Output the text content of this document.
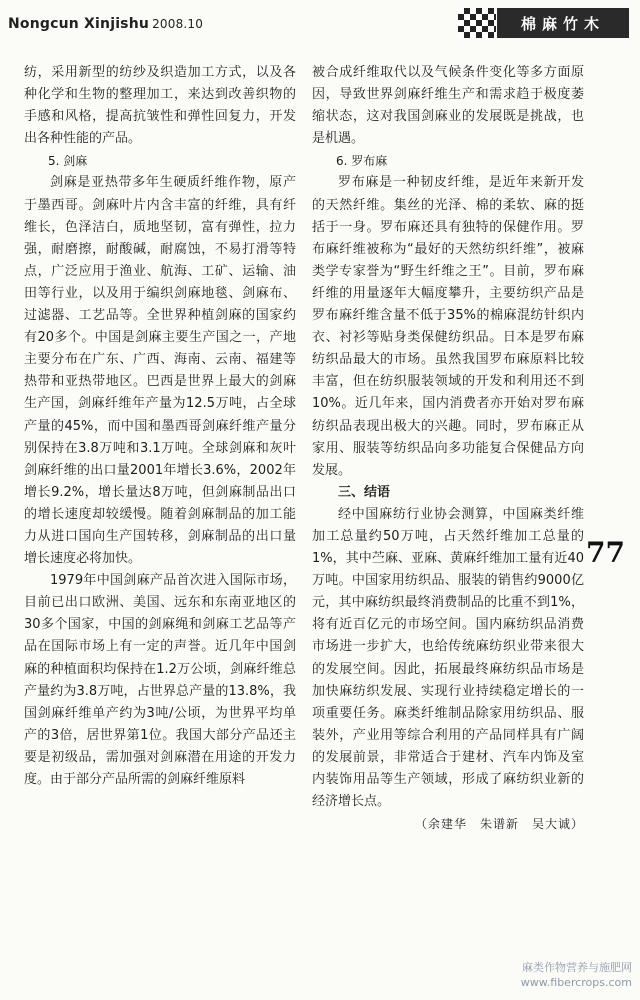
Nongcun Xinjishu 2008.10	棉麻竹木

纺，采用新型的纺纱及织造加工方式，以及各种化学和生物的整理加工，来达到改善织物的手感和风格，提高抗皱性和弹性回复力，开发出各种性能的产品。

5. 剑麻

剑麻是亚热带多年生硬质纤维作物，原产于墨西哥。剑麻叶片内含丰富的纤维，具有纤维长，色泽洁白，质地坚韧，富有弹性，拉力强，耐磨擦，耐酸碱，耐腐蚀，不易打滑等特点，广泛应用于渔业、航海、工矿、运输、油田等行业，以及用于编织剑麻地毯、剑麻布、过滤器、工艺品等。全世界种植剑麻的国家约有20多个。中国是剑麻主要生产国之一，产地主要分布在广东、广西、海南、云南、福建等热带和亚热带地区。巴西是世界上最大的剑麻生产国，剑麻纤维年产量为12.5万吨，占全球产量的45%，而中国和墨西哥剑麻纤维产量分别保持在3.8万吨和3.1万吨。全球剑麻和灰叶剑麻纤维的出口量2001年增长3.6%，2002年增长9.2%，增长量达8万吨，但剑麻制品出口的增长速度却较缓慢。随着剑麻制品的加工能力从进口国向生产国转移，剑麻制品的出口量增长速度必将加快。

1979年中国剑麻产品首次进入国际市场，目前已出口欧洲、美国、远东和东南亚地区的30多个国家，中国的剑麻绳和剑麻工艺品等产品在国际市场上有一定的声誉。近几年中国剑麻的种植面积均保持在1.2万公顷，剑麻纤维总产量约为3.8万吨，占世界总产量的13.8%，我国剑麻纤维单产约为3吨/公顷，为世界平均单产的3倍，居世界第1位。我国大部分产品还主要是初级品，需加强对剑麻潜在用途的开发力度。由于部分产品所需的剑麻纤维原料

被合成纤维取代以及气候条件变化等多方面原因，导致世界剑麻纤维生产和需求趋于极度萎缩状态，这对我国剑麻业的发展既是挑战，也是机遇。

6. 罗布麻

罗布麻是一种韧皮纤维，是近年来新开发的天然纤维。集丝的光泽、棉的柔软、麻的挺括于一身。罗布麻还具有独特的保健作用。罗布麻纤维被称为“最好的天然纺织纤维”，被麻类学专家誉为“野生纤维之王”。目前，罗布麻纤维的用量逐年大幅度攀升，主要纺织产品是罗布麻纤维含量不低于35%的棉麻混纺针织内衣、衬衫等贴身类保健纺织品。日本是罗布麻纺织品最大的市场。虽然我国罗布麻原料比较丰富，但在纺织服装领域的开发和利用还不到10%。近几年来，国内消费者亦开始对罗布麻纺织品表现出极大的兴趣。同时，罗布麻正从家用、服装等纺织品向多功能复合保健品方向发展。

三、结语

经中国麻纺行业协会测算，中国麻类纤维加工总量约50万吨，占天然纤维加工总量的1%，其中苎麻、亚麻、黄麻纤维加工量有近40万吨。中国家用纺织品、服装的销售约9000亿元，其中麻纺织最终消费制品的比重不到1%，将有近百亿元的市场空间。国内麻纺织品消费市场进一步扩大，也给传统麻纺织业带来很大的发展空间。因此，拓展最终麻纺织品市场是加快麻纺织发展、实现行业持续稳定增长的一项重要任务。麻类纤维制品除家用纺织品、服装外，产业用等综合利用的产品同样具有广阔的发展前景，非常适合于建材、汽车内饰及室内装饰用品等生产领域，形成了麻纺织业新的经济增长点。

（余建华　朱谱新　吴大诚）

77
麻类作物营养与施肥网
www.fibercrops.com
